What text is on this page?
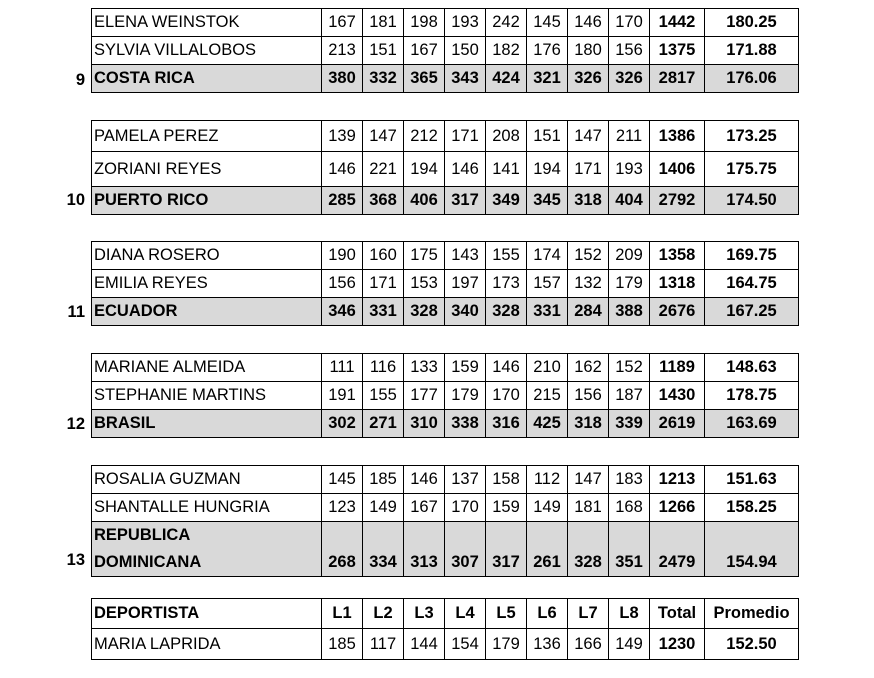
ELENA WEINSTOK	167	181	198	193	242	145	146	170	1442	180.25
SYLVIA VILLALOBOS	213	151	167	150	182	176	180	156	1375	171.88
COSTA RICA	380	332	365	343	424	321	326	326	2817	176.06
9
PAMELA PEREZ	139	147	212	171	208	151	147	211	1386	173.25
ZORIANI REYES	146	221	194	146	141	194	171	193	1406	175.75
PUERTO RICO	285	368	406	317	349	345	318	404	2792	174.50
10
DIANA ROSERO	190	160	175	143	155	174	152	209	1358	169.75
EMILIA REYES	156	171	153	197	173	157	132	179	1318	164.75
ECUADOR	346	331	328	340	328	331	284	388	2676	167.25
11
MARIANE ALMEIDA	111	116	133	159	146	210	162	152	1189	148.63
STEPHANIE MARTINS	191	155	177	179	170	215	156	187	1430	178.75
BRASIL	302	271	310	338	316	425	318	339	2619	163.69
12
ROSALIA GUZMAN	145	185	146	137	158	112	147	183	1213	151.63
SHANTALLE HUNGRIA	123	149	167	170	159	149	181	168	1266	158.25

REPUBLICA
DOMINICANA	268	334	313	307	317	261	328	351	2479	154.94
13
DEPORTISTA	L1	L2	L3	L4	L5	L6	L7	L8	Total	Promedio
MARIA LAPRIDA	185	117	144	154	179	136	166	149	1230	152.50
